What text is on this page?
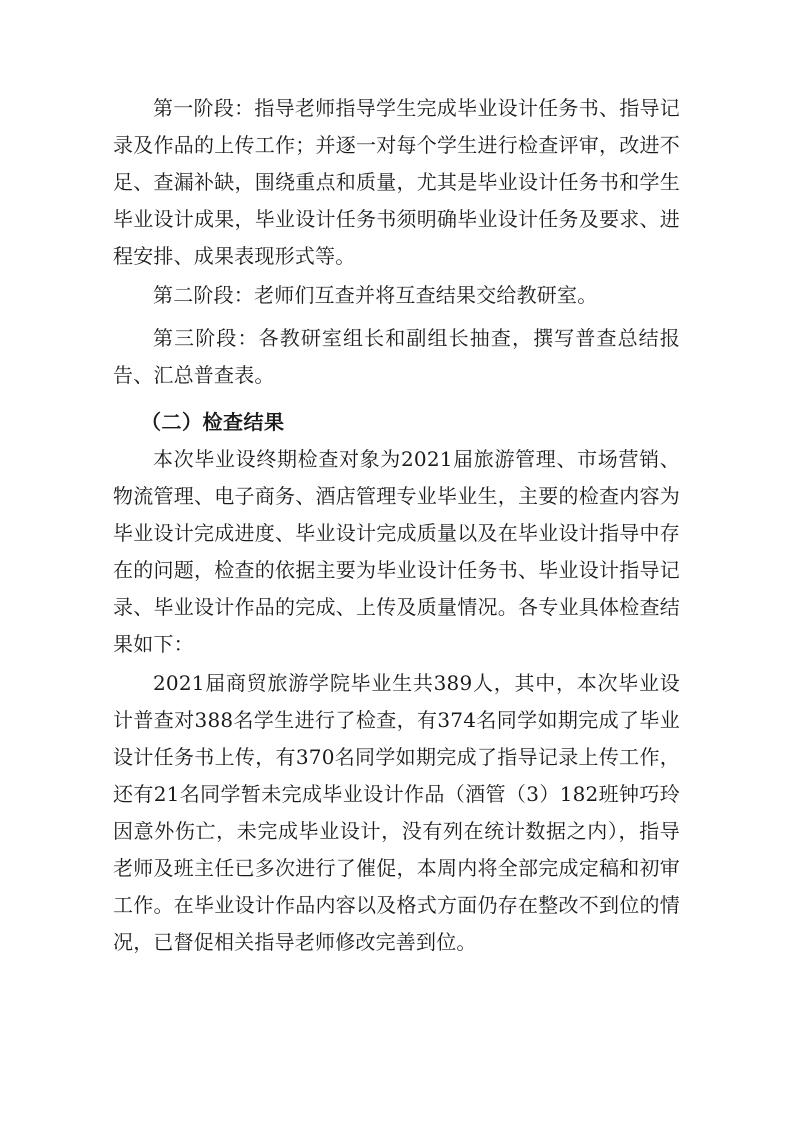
第一阶段：指导老师指导学生完成毕业设计任务书、指导记录及作品的上传工作；并逐一对每个学生进行检查评审，改进不足、查漏补缺，围绕重点和质量，尤其是毕业设计任务书和学生毕业设计成果，毕业设计任务书须明确毕业设计任务及要求、进程安排、成果表现形式等。

第二阶段：老师们互查并将互查结果交给教研室。

第三阶段：各教研室组长和副组长抽查，撰写普查总结报告、汇总普查表。

（二）检查结果

本次毕业设终期检查对象为2021届旅游管理、市场营销、物流管理、电子商务、酒店管理专业毕业生，主要的检查内容为毕业设计完成进度、毕业设计完成质量以及在毕业设计指导中存在的问题，检查的依据主要为毕业设计任务书、毕业设计指导记录、毕业设计作品的完成、上传及质量情况。各专业具体检查结果如下：

2021届商贸旅游学院毕业生共389人，其中，本次毕业设计普查对388名学生进行了检查，有374名同学如期完成了毕业设计任务书上传，有370名同学如期完成了指导记录上传工作，还有21名同学暂未完成毕业设计作品（酒管（3）182班钟巧玲因意外伤亡，未完成毕业设计，没有列在统计数据之内），指导老师及班主任已多次进行了催促，本周内将全部完成定稿和初审工作。在毕业设计作品内容以及格式方面仍存在整改不到位的情况，已督促相关指导老师修改完善到位。
